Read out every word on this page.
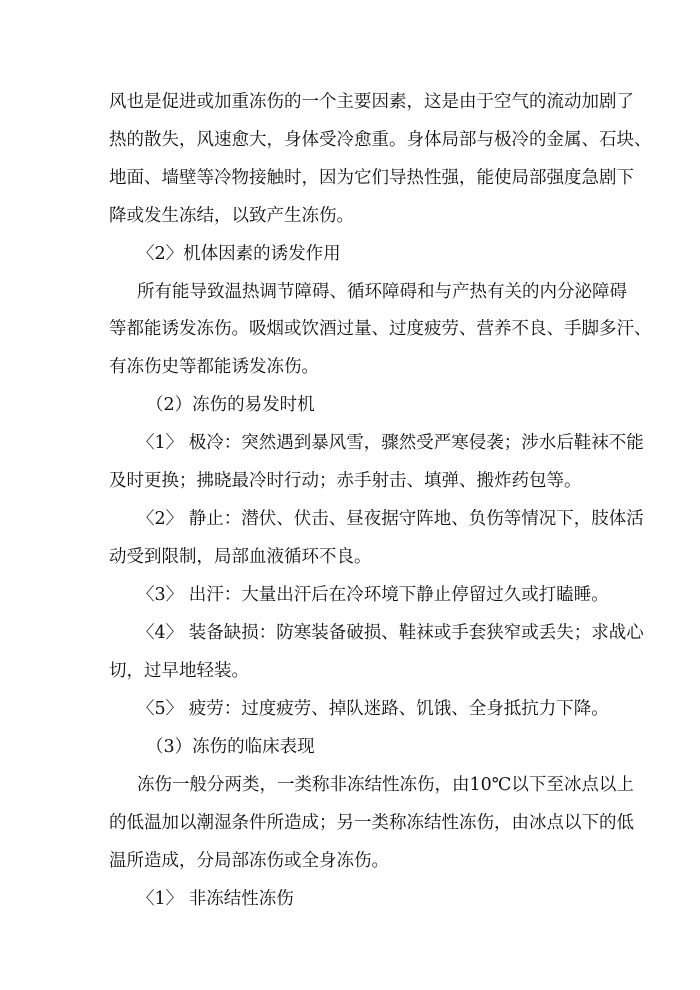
风也是促进或加重冻伤的一个主要因素，这是由于空气的流动加剧了
热的散失，风速愈大，身体受冷愈重。身体局部与极冷的金属、石块、
地面、墙壁等冷物接触时，因为它们导热性强，能使局部强度急剧下
降或发生冻结，以致产生冻伤。
〈2〉机体因素的诱发作用
所有能导致温热调节障碍、循环障碍和与产热有关的内分泌障碍
等都能诱发冻伤。吸烟或饮酒过量、过度疲劳、营养不良、手脚多汗、
有冻伤史等都能诱发冻伤。
（2）冻伤的易发时机
〈1〉 极冷：突然遇到暴风雪，骤然受严寒侵袭；涉水后鞋袜不能
及时更换；拂晓最冷时行动；赤手射击、填弹、搬炸药包等。
〈2〉 静止：潜伏、伏击、昼夜据守阵地、负伤等情况下，肢体活
动受到限制，局部血液循环不良。
〈3〉 出汗：大量出汗后在冷环境下静止停留过久或打瞌睡。
〈4〉 装备缺损：防寒装备破损、鞋袜或手套狭窄或丢失；求战心
切，过早地轻装。
〈5〉 疲劳：过度疲劳、掉队迷路、饥饿、全身抵抗力下降。
（3）冻伤的临床表现
冻伤一般分两类，一类称非冻结性冻伤，由10℃以下至冰点以上
的低温加以潮湿条件所造成；另一类称冻结性冻伤，由冰点以下的低
温所造成，分局部冻伤或全身冻伤。
〈1〉 非冻结性冻伤
